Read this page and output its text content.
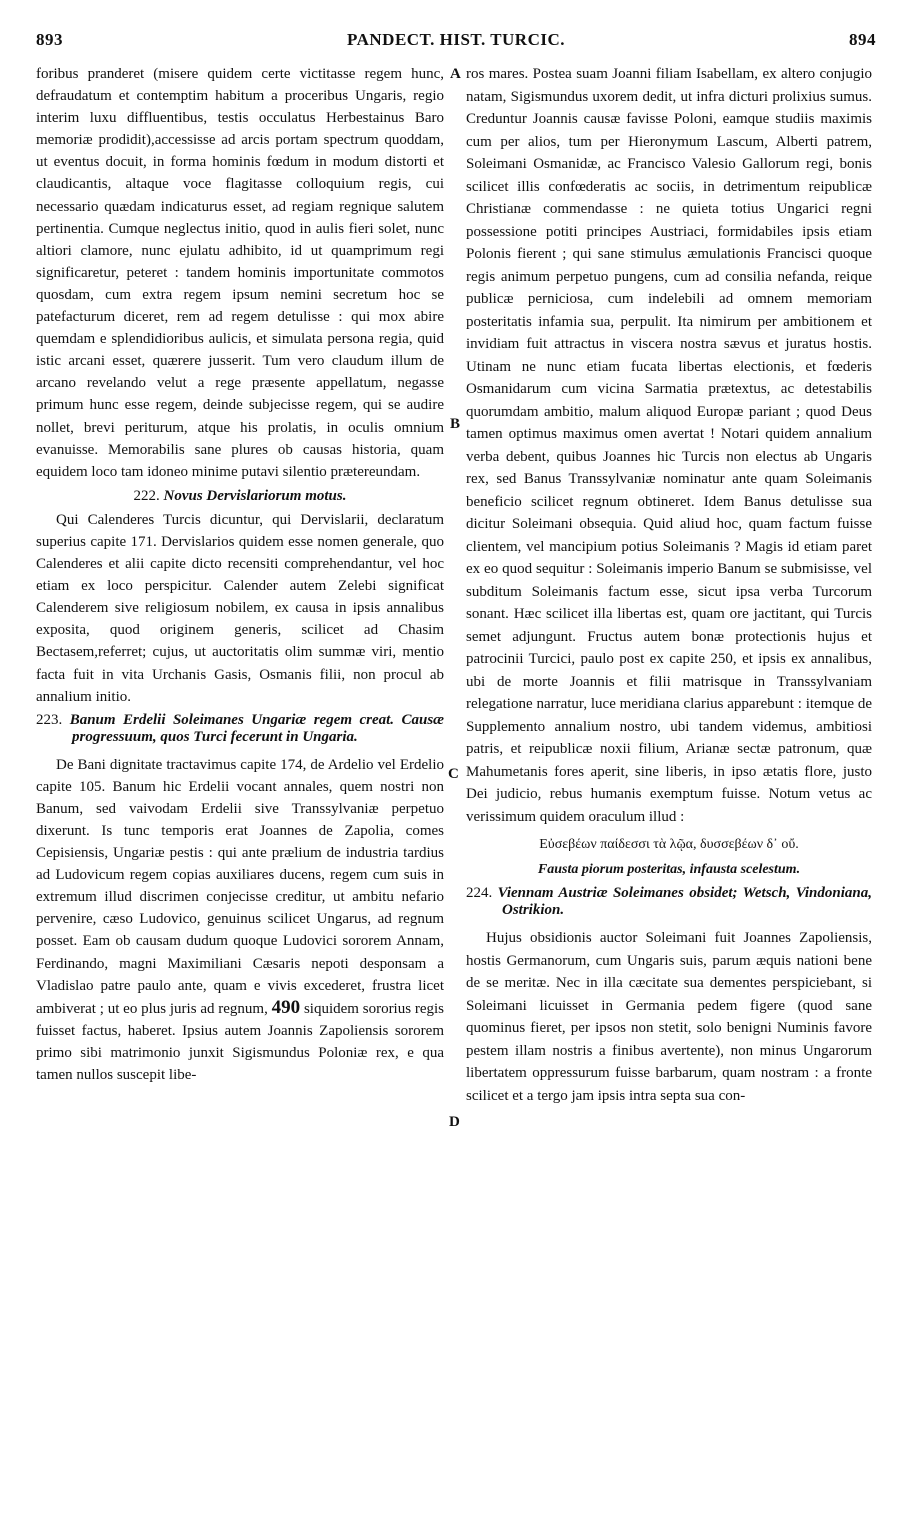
893	PANDECT. HIST. TURCIC.	894
A
B
C
D

foribus pranderet (misere quidem certe victitasse regem hunc, defraudatum et contemptim habitum a proceribus Ungaris, regio interim luxu diffluentibus, testis occulatus Herbestainus Baro memoriæ prodidit),accessisse ad arcis portam spectrum quoddam, ut eventus docuit, in forma hominis fœdum in modum distorti et claudicantis, altaque voce flagitasse colloquium regis, cui necessario quædam indicaturus esset, ad regiam regnique salutem pertinentia. Cumque neglectus initio, quod in aulis fieri solet, nunc altiori clamore, nunc ejulatu adhibito, id ut quamprimum regi significaretur, peteret : tandem hominis importunitate commotos quosdam, cum extra regem ipsum nemini secretum hoc se patefacturum diceret, rem ad regem detulisse : qui mox abire quemdam e splendidioribus aulicis, et simulata persona regia, quid istic arcani esset, quærere jusserit. Tum vero claudum illum de arcano revelando velut a rege præsente appellatum, negasse primum hunc esse regem, deinde subjecisse regem, qui se audire nollet, brevi periturum, atque his prolatis, in oculis omnium evanuisse. Memorabilis sane plures ob causas historia, quam equidem loco tam idoneo minime putavi silentio prætereundam.

222. Novus Dervislariorum motus.

Qui Calenderes Turcis dicuntur, qui Dervislarii, declaratum superius capite 171. Dervislarios quidem esse nomen generale, quo Calenderes et alii capite dicto recensiti comprehendantur, vel hoc etiam ex loco perspicitur. Calender autem Zelebi significat Calenderem sive religiosum nobilem, ex causa in ipsis annalibus exposita, quod originem generis, scilicet ad Chasim Bectasem,referret; cujus, ut auctoritatis olim summæ viri, mentio facta fuit in vita Urchanis Gasis, Osmanis filii, non procul ab annalium initio.

223. Banum Erdelii Soleimanes Ungariæ regem creat. Causæ progressuum, quos Turci fecerunt in Ungaria.

De Bani dignitate tractavimus capite 174, de Ardelio vel Erdelio capite 105. Banum hic Erdelii vocant annales, quem nostri non Banum, sed vaivodam Erdelii sive Transsylvaniæ perpetuo dixerunt. Is tunc temporis erat Joannes de Zapolia, comes Cepisiensis, Ungariæ pestis : qui ante prælium de industria tardius ad Ludovicum regem copias auxiliares ducens, regem cum suis in extremum illud discrimen conjecisse creditur, ut ambitu nefario pervenire, cæso Ludovico, genuinus scilicet Ungarus, ad regnum posset. Eam ob causam dudum quoque Ludovici sororem Annam, Ferdinando, magni Maximiliani Cæsaris nepoti desponsam a Vladislao patre paulo ante, quam e vivis excederet, frustra licet ambiverat ; ut eo plus juris ad regnum, 490 siquidem sororius regis fuisset factus, haberet. Ipsius autem Joannis Zapoliensis sororem primo sibi matrimonio junxit Sigismundus Poloniæ rex, e qua tamen nullos suscepit libe-

ros mares. Postea suam Joanni filiam Isabellam, ex altero conjugio natam, Sigismundus uxorem dedit, ut infra dicturi prolixius sumus. Creduntur Joannis causæ favisse Poloni, eamque studiis maximis cum per alios, tum per Hieronymum Lascum, Alberti patrem, Soleimani Osmanidæ, ac Francisco Valesio Gallorum regi, bonis scilicet illis confœderatis ac sociis, in detrimentum reipublicæ Christianæ commendasse : ne quieta totius Ungarici regni possessione potiti principes Austriaci, formidabiles ipsis etiam Polonis fierent ; qui sane stimulus æmulationis Francisci quoque regis animum perpetuo pungens, cum ad consilia nefanda, reique publicæ perniciosa, cum indelebili ad omnem memoriam posteritatis infamia sua, perpulit. Ita nimirum per ambitionem et invidiam fuit attractus in viscera nostra sævus et juratus hostis. Utinam ne nunc etiam fucata libertas electionis, et fœderis Osmanidarum cum vicina Sarmatia prætextus, ac detestabilis quorumdam ambitio, malum aliquod Europæ pariant ; quod Deus tamen optimus maximus omen avertat ! Notari quidem annalium verba debent, quibus Joannes hic Turcis non electus ab Ungaris rex, sed Banus Transsylvaniæ nominatur ante quam Soleimanis beneficio scilicet regnum obtineret. Idem Banus detulisse sua dicitur Soleimani obsequia. Quid aliud hoc, quam factum fuisse clientem, vel mancipium potius Soleimanis ? Magis id etiam paret ex eo quod sequitur : Soleimanis imperio Banum se submisisse, vel subditum Soleimanis factum esse, sicut ipsa verba Turcorum sonant. Hæc scilicet illa libertas est, quam ore jactitant, qui Turcis semet adjungunt. Fructus autem bonæ protectionis hujus et patrocinii Turcici, paulo post ex capite 250, et ipsis ex annalibus, ubi de morte Joannis et filii matrisque in Transsylvaniam relegatione narratur, luce meridiana clarius apparebunt : itemque de Supplemento annalium nostro, ubi tandem videmus, ambitiosi patris, et reipublicæ noxii filium, Arianæ sectæ patronum, quæ Mahumetanis fores aperit, sine liberis, in ipso ætatis flore, justo Dei judicio, rebus humanis exemptum fuisse. Notum vetus ac verissimum quidem oraculum illud :

Εὐσεβέων παίδεσσι τὰ λῷα, δυσσεβέων δ᾽ οὔ.
Fausta piorum posteritas, infausta scelestum.
224. Viennam Austriæ Soleimanes obsidet; Wetsch, Vindoniana, Ostrikion.

Hujus obsidionis auctor Soleimani fuit Joannes Zapoliensis, hostis Germanorum, cum Ungaris suis, parum æquis nationi bene de se meritæ. Nec in illa cæcitate sua dementes perspiciebant, si Soleimani licuisset in Germania pedem figere (quod sane quominus fieret, per ipsos non stetit, solo benigni Numinis favore pestem illam nostris a finibus avertente), non minus Ungarorum libertatem oppressurum fuisse barbarum, quam nostram : a fronte scilicet et a tergo jam ipsis intra septa sua con-
